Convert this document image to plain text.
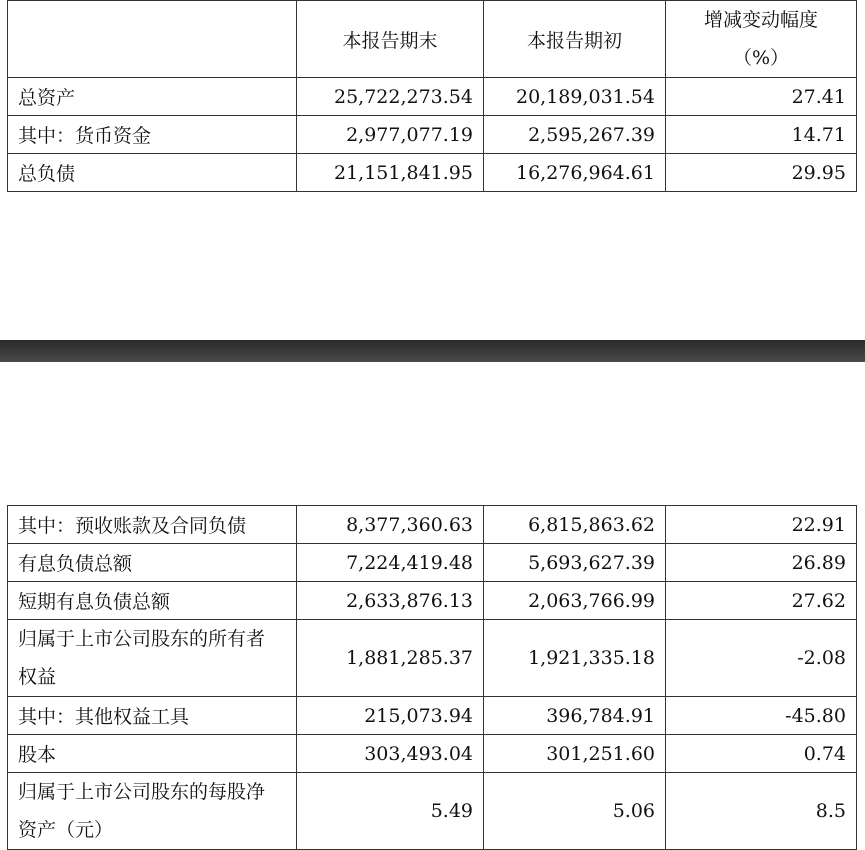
	本报告期末	本报告期初	增减变动幅度
（%）
总资产	25,722,273.54	20,189,031.54	27.41
其中：货币资金	2,977,077.19	2,595,267.39	14.71
总负债	21,151,841.95	16,276,964.61	29.95
其中：预收账款及合同负债	8,377,360.63	6,815,863.62	22.91
有息负债总额	7,224,419.48	5,693,627.39	26.89
短期有息负债总额	2,633,876.13	2,063,766.99	27.62
归属于上市公司股东的所有者
权益	1,881,285.37	1,921,335.18	-2.08
其中：其他权益工具	215,073.94	396,784.91	-45.80
股本	303,493.04	301,251.60	0.74
归属于上市公司股东的每股净
资产（元）	5.49	5.06	8.5
